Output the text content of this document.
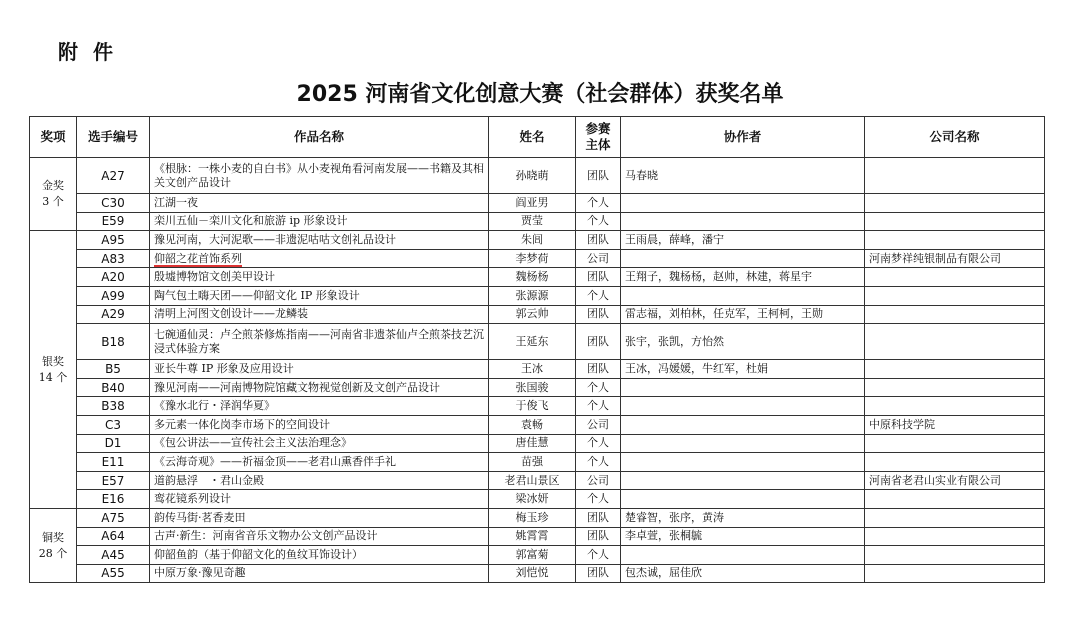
附 件
2025 河南省文化创意大赛（社会群体）获奖名单
奖项	选手编号	作品名称	姓名	参赛主体	协作者	公司名称

金奖
3 个	A27	《根脉：一株小麦的自白书》从小麦视角看河南发展——书籍及其相关文创产品设计	孙晓萌	团队	马春晓	
	C30	江湖一夜	阎亚男	个人		
	E59	栾川五仙－栾川文化和旅游 ip 形象设计	贾莹	个人		

银奖
14 个	A95	豫见河南，大河泥歌——非遗泥咕咕文创礼品设计	朱闾	团队	王雨晨，薛峰，潘宁	
	A83	仰韶之花首饰系列	李梦荷	公司		河南梦祥纯银制品有限公司
	A20	殷墟博物馆文创美甲设计	魏杨杨	团队	王翔子，魏杨杨，赵帅，林建，蒋星宇	
	A99	陶气包土嗨天团——仰韶文化 IP 形象设计	张源源	个人		
	A29	清明上河图文创设计——龙鳞装	郭云帅	团队	雷志福，刘柏林，任克军，王柯柯，王勋	
	B18	七碗通仙灵：卢仝煎茶修炼指南——河南省非遗茶仙卢仝煎茶技艺沉浸式体验方案	王延东	团队	张宇，张凯，方怡然	
	B5	亚长牛尊 IP 形象及应用设计	王冰	团队	王冰，冯媛媛，牛红军，杜娟	
	B40	豫见河南——河南博物院馆藏文物视觉创新及文创产品设计	张国骏	个人		
	B38	《豫水北行・泽润华夏》	于俊飞	个人		
	C3	多元素一体化岗李市场下的空间设计	袁畅	公司		中原科技学院
	D1	《包公讲法——宣传社会主义法治理念》	唐佳慧	个人		
	E11	《云海奇观》——祈福金顶——老君山熏香伴手礼	苗强	个人		
	E57	道韵悬浮　・君山金殿	老君山景区	公司		河南省老君山实业有限公司
	E16	鸾花镜系列设计	梁冰妍	个人		

铜奖
28 个	A75	韵传马街·茗香麦田	梅玉珍	团队	楚睿智，张序，黄涛	
	A64	古声·新生：河南省音乐文物办公文创产品设计	姚霄霄	团队	李卓萱，张桐毓	
	A45	仰韶鱼韵（基于仰韶文化的鱼纹耳饰设计）	郭富菊	个人		
	A55	中原万象·豫见奇趣	刘恺悦	团队	包杰诚，屈佳欣	
